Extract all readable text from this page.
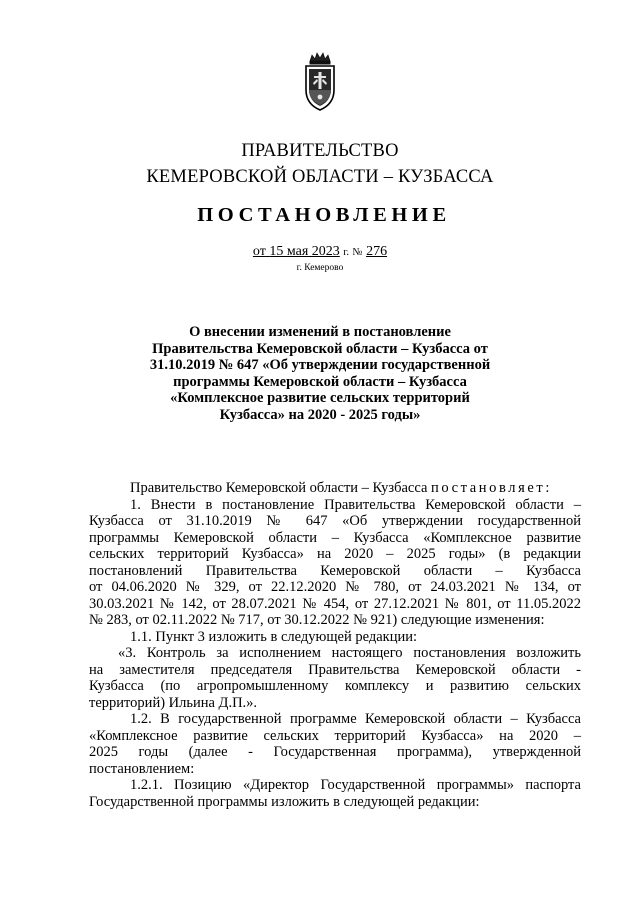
ПРАВИТЕЛЬСТВО
КЕМЕРОВСКОЙ ОБЛАСТИ – КУЗБАССА
ПОСТАНОВЛЕНИЕ
от 15 мая 2023 г. № 276
г. Кемерово
О внесении изменений в постановление
Правительства Кемеровской области – Кузбасса от
31.10.2019 № 647 «Об утверждении государственной
программы Кемеровской области – Кузбасса
«Комплексное развитие сельских территорий
Кузбасса» на 2020 - 2025 годы»
Правительство Кемеровской области – Кузбасса постановляет:
1. Внести в постановление Правительства Кемеровской области –
Кузбасса от 31.10.2019 № 647 «Об утверждении государственной
программы Кемеровской области – Кузбасса «Комплексное развитие
сельских территорий Кузбасса» на 2020 – 2025 годы» (в редакции
постановлений Правительства Кемеровской области – Кузбасса
от 04.06.2020 № 329, от 22.12.2020 № 780, от 24.03.2021 № 134, от
30.03.2021 № 142, от 28.07.2021 № 454, от 27.12.2021 № 801, от 11.05.2022
№ 283, от 02.11.2022 № 717, от 30.12.2022 № 921) следующие изменения:
1.1. Пункт 3 изложить в следующей редакции:
«3. Контроль за исполнением настоящего постановления возложить
на заместителя председателя Правительства Кемеровской области -
Кузбасса (по агропромышленному комплексу и развитию сельских
территорий) Ильина Д.П.».
1.2. В государственной программе Кемеровской области – Кузбасса
«Комплексное развитие сельских территорий Кузбасса» на 2020 –
2025 годы (далее - Государственная программа), утвержденной
постановлением:
1.2.1. Позицию «Директор Государственной программы» паспорта
Государственной программы изложить в следующей редакции:
